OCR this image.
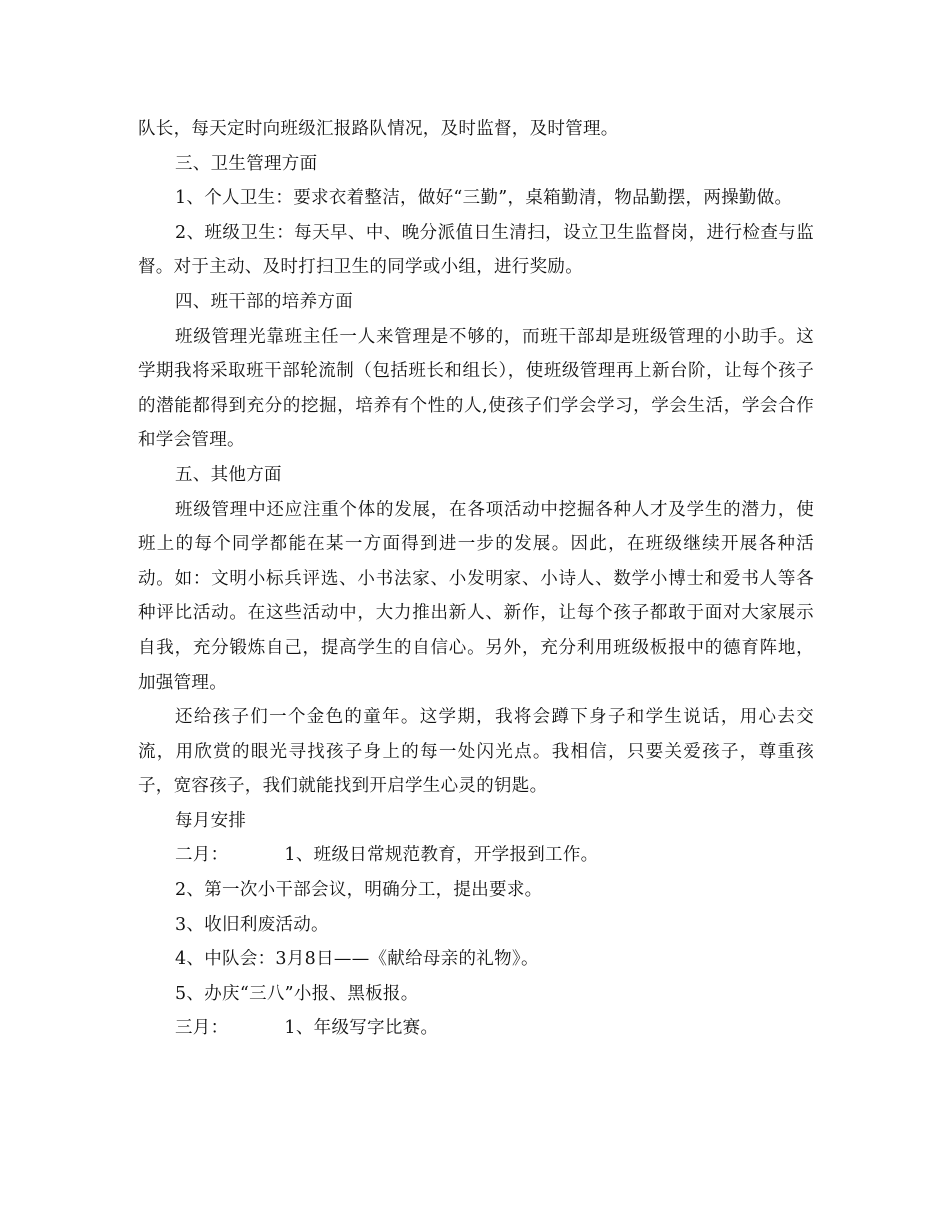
队长，每天定时向班级汇报路队情况，及时监督，及时管理。

三、卫生管理方面

1、个人卫生：要求衣着整洁，做好“三勤”，桌箱勤清，物品勤摆，两操勤做。

2、班级卫生：每天早、中、晚分派值日生清扫，设立卫生监督岗，进行检查与监督。对于主动、及时打扫卫生的同学或小组，进行奖励。

四、班干部的培养方面

班级管理光靠班主任一人来管理是不够的，而班干部却是班级管理的小助手。这学期我将采取班干部轮流制（包括班长和组长），使班级管理再上新台阶，让每个孩子的潜能都得到充分的挖掘，培养有个性的人,使孩子们学会学习，学会生活，学会合作和学会管理。

五、其他方面

班级管理中还应注重个体的发展，在各项活动中挖掘各种人才及学生的潜力，使班上的每个同学都能在某一方面得到进一步的发展。因此，在班级继续开展各种活动。如：文明小标兵评选、小书法家、小发明家、小诗人、数学小博士和爱书人等各种评比活动。在这些活动中，大力推出新人、新作，让每个孩子都敢于面对大家展示自我，充分锻炼自己，提高学生的自信心。另外，充分利用班级板报中的德育阵地，加强管理。

还给孩子们一个金色的童年。这学期，我将会蹲下身子和学生说话，用心去交流，用欣赏的眼光寻找孩子身上的每一处闪光点。我相信，只要关爱孩子，尊重孩子，宽容孩子，我们就能找到开启学生心灵的钥匙。

每月安排

二月：	1、班级日常规范教育，开学报到工作。

2、第一次小干部会议，明确分工，提出要求。

3、收旧利废活动。

4、中队会：3月8日——《献给母亲的礼物》。

5、办庆“三八”小报、黑板报。

三月：	1、年级写字比赛。
